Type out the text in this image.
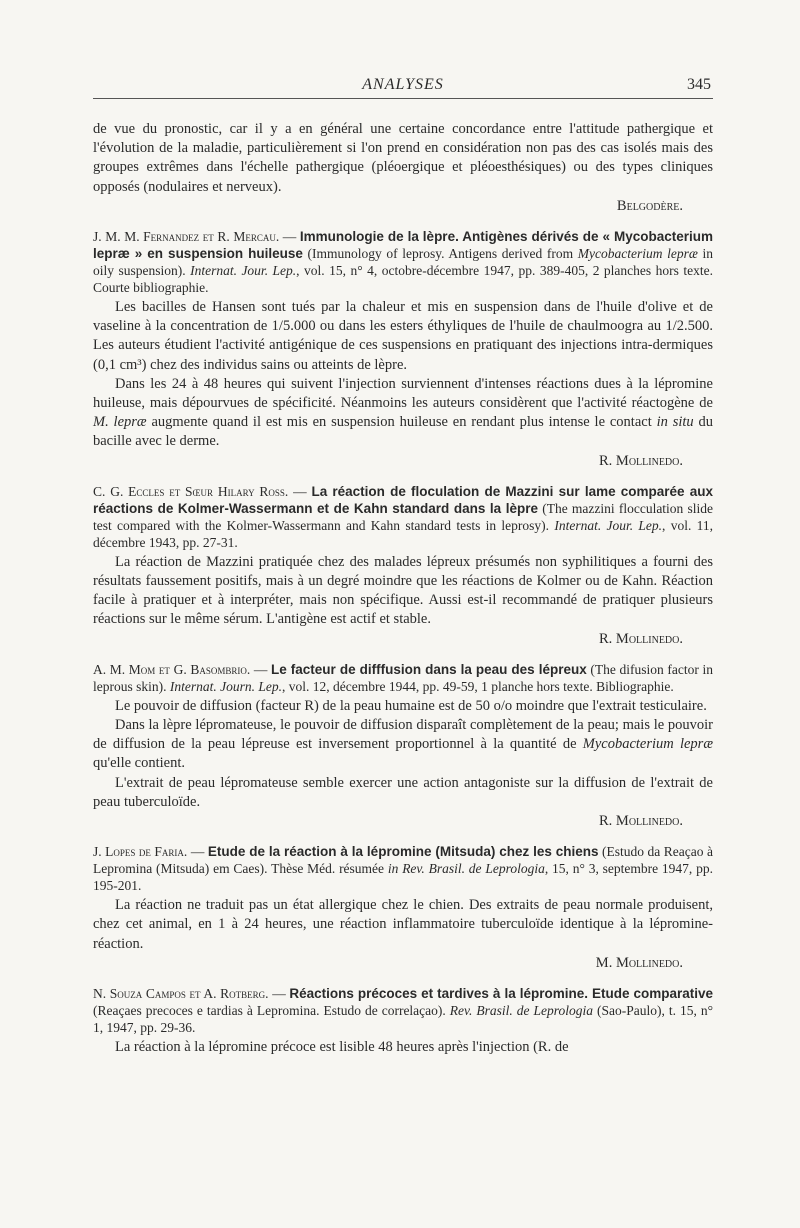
ANALYSES	345

de vue du pronostic, car il y a en général une certaine concordance entre l'attitude pathergique et l'évolution de la maladie, particulièrement si l'on prend en considération non pas des cas isolés mais des groupes extrêmes dans l'échelle pathergique (pléoergique et pléoesthésiques) ou des types cliniques opposés (nodulaires et nerveux).
Belgodère.

J. M. M. Fernandez et R. Mercau. — Immunologie de la lèpre. Antigènes dérivés de « Mycobacterium lepræ » en suspension huileuse (Immunology of leprosy. Antigens derived from Mycobacterium lepræ in oily suspension). Internat. Jour. Lep., vol. 15, n° 4, octobre-décembre 1947, pp. 389-405, 2 planches hors texte. Courte bibliographie.

Les bacilles de Hansen sont tués par la chaleur et mis en suspension dans de l'huile d'olive et de vaseline à la concentration de 1/5.000 ou dans les esters éthyliques de l'huile de chaulmoogra au 1/2.500. Les auteurs étudient l'activité antigénique de ces suspensions en pratiquant des injections intra-dermiques (0,1 cm³) chez des individus sains ou atteints de lèpre.

Dans les 24 à 48 heures qui suivent l'injection surviennent d'intenses réactions dues à la lépromine huileuse, mais dépourvues de spécificité. Néanmoins les auteurs considèrent que l'activité réactogène de M. lepræ augmente quand il est mis en suspension huileuse en rendant plus intense le contact in situ du bacille avec le derme.
R. Mollinedo.

C. G. Eccles et Sœur Hilary Ross. — La réaction de floculation de Mazzini sur lame comparée aux réactions de Kolmer-Wassermann et de Kahn standard dans la lèpre (The mazzini flocculation slide test compared with the Kolmer-Wassermann and Kahn standard tests in leprosy). Internat. Jour. Lep., vol. 11, décembre 1943, pp. 27-31.

La réaction de Mazzini pratiquée chez des malades lépreux présumés non syphilitiques a fourni des résultats faussement positifs, mais à un degré moindre que les réactions de Kolmer ou de Kahn. Réaction facile à pratiquer et à interpréter, mais non spécifique. Aussi est-il recommandé de pratiquer plusieurs réactions sur le même sérum. L'antigène est actif et stable.
R. Mollinedo.

A. M. Mom et G. Basombrio. — Le facteur de difffusion dans la peau des lépreux (The difusion factor in leprous skin). Internat. Journ. Lep., vol. 12, décembre 1944, pp. 49-59, 1 planche hors texte. Bibliographie.

Le pouvoir de diffusion (facteur R) de la peau humaine est de 50 o/o moindre que l'extrait testiculaire.

Dans la lèpre lépromateuse, le pouvoir de diffusion disparaît complètement de la peau; mais le pouvoir de diffusion de la peau lépreuse est inversement proportionnel à la quantité de Mycobacterium lepræ qu'elle contient.

L'extrait de peau lépromateuse semble exercer une action antagoniste sur la diffusion de l'extrait de peau tuberculoïde.
R. Mollinedo.

J. Lopes de Faria. — Etude de la réaction à la lépromine (Mitsuda) chez les chiens (Estudo da Reaçao à Lepromina (Mitsuda) em Caes). Thèse Méd. résumée in Rev. Brasil. de Leprologia, 15, n° 3, septembre 1947, pp. 195-201.

La réaction ne traduit pas un état allergique chez le chien. Des extraits de peau normale produisent, chez cet animal, en 1 à 24 heures, une réaction inflammatoire tuberculoïde identique à la lépromine-réaction.
M. Mollinedo.

N. Souza Campos et A. Rotberg. — Réactions précoces et tardives à la lépromine. Etude comparative (Reaçaes precoces e tardias à Lepromina. Estudo de correlaçao). Rev. Brasil. de Leprologia (Sao-Paulo), t. 15, n° 1, 1947, pp. 29-36.

La réaction à la lépromine précoce est lisible 48 heures après l'injection (R. de
